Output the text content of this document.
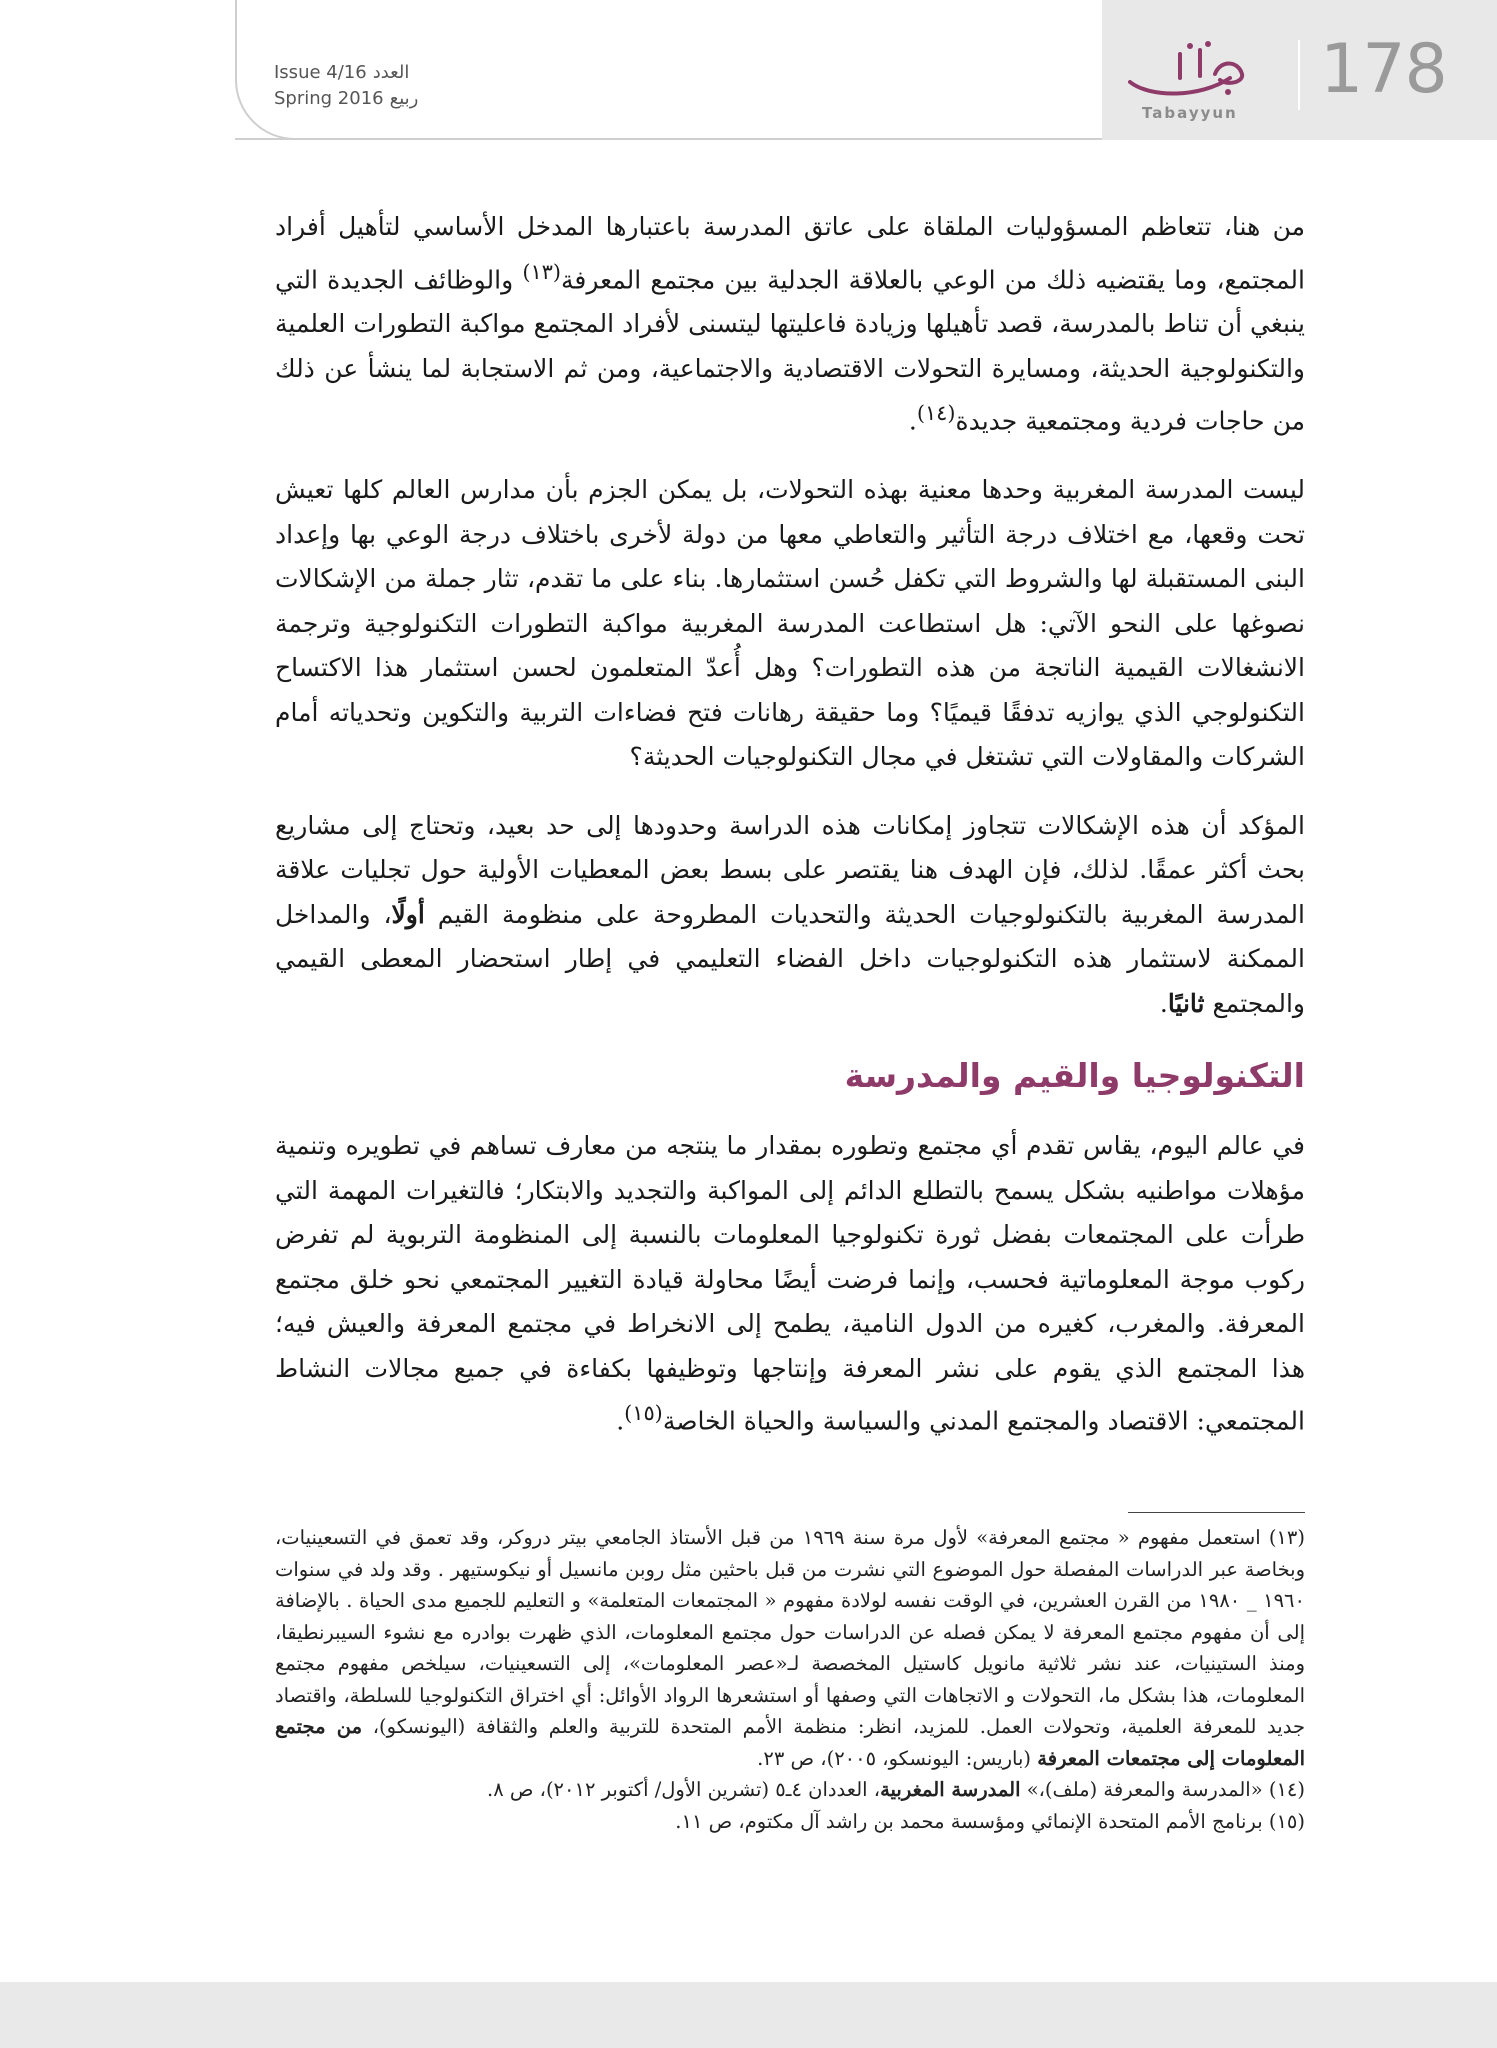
Issue 4/16 العدد
Spring 2016 ربيع
Tabayyun
178

من هنا، تتعاظم المسؤوليات الملقاة على عاتق المدرسة باعتبارها المدخل الأساسي لتأهيل أفراد المجتمع، وما يقتضيه ذلك من الوعي بالعلاقة الجدلية بين مجتمع المعرفة$^{(١٣)}$ والوظائف الجديدة التي ينبغي أن تناط بالمدرسة، قصد تأهيلها وزيادة فاعليتها ليتسنى لأفراد المجتمع مواكبة التطورات العلمية والتكنولوجية الحديثة، ومسايرة التحولات الاقتصادية والاجتماعية، ومن ثم الاستجابة لما ينشأ عن ذلك من حاجات فردية ومجتمعية جديدة$^{(١٤)}$.

ليست المدرسة المغربية وحدها معنية بهذه التحولات، بل يمكن الجزم بأن مدارس العالم كلها تعيش تحت وقعها، مع اختلاف درجة التأثير والتعاطي معها من دولة لأخرى باختلاف درجة الوعي بها وإعداد البنى المستقبلة لها والشروط التي تكفل حُسن استثمارها. بناء على ما تقدم، تثار جملة من الإشكالات نصوغها على النحو الآتي: هل استطاعت المدرسة المغربية مواكبة التطورات التكنولوجية وترجمة الانشغالات القيمية الناتجة من هذه التطورات؟ وهل أُعدّ المتعلمون لحسن استثمار هذا الاكتساح التكنولوجي الذي يوازيه تدفقًا قيميًا؟ وما حقيقة رهانات فتح فضاءات التربية والتكوين وتحدياته أمام الشركات والمقاولات التي تشتغل في مجال التكنولوجيات الحديثة؟

المؤكد أن هذه الإشكالات تتجاوز إمكانات هذه الدراسة وحدودها إلى حد بعيد، وتحتاج إلى مشاريع بحث أكثر عمقًا. لذلك، فإن الهدف هنا يقتصر على بسط بعض المعطيات الأولية حول تجليات علاقة المدرسة المغربية بالتكنولوجيات الحديثة والتحديات المطروحة على منظومة القيم أولًا، والمداخل الممكنة لاستثمار هذه التكنولوجيات داخل الفضاء التعليمي في إطار استحضار المعطى القيمي والمجتمع ثانيًا.

التكنولوجيا والقيم والمدرسة

في عالم اليوم، يقاس تقدم أي مجتمع وتطوره بمقدار ما ينتجه من معارف تساهم في تطويره وتنمية مؤهلات مواطنيه بشكل يسمح بالتطلع الدائم إلى المواكبة والتجديد والابتكار؛ فالتغيرات المهمة التي طرأت على المجتمعات بفضل ثورة تكنولوجيا المعلومات بالنسبة إلى المنظومة التربوية لم تفرض ركوب موجة المعلوماتية فحسب، وإنما فرضت أيضًا محاولة قيادة التغيير المجتمعي نحو خلق مجتمع المعرفة. والمغرب، كغيره من الدول النامية، يطمح إلى الانخراط في مجتمع المعرفة والعيش فيه؛ هذا المجتمع الذي يقوم على نشر المعرفة وإنتاجها وتوظيفها بكفاءة في جميع مجالات النشاط المجتمعي: الاقتصاد والمجتمع المدني والسياسة والحياة الخاصة$^{(١٥)}$.

(١٣) استعمل مفهوم « مجتمع المعرفة» لأول مرة سنة ١٩٦٩ من قبل الأستاذ الجامعي بيتر دروكر، وقد تعمق في التسعينيات، وبخاصة عبر الدراسات المفصلة حول الموضوع التي نشرت من قبل باحثين مثل روبن مانسيل أو نيكوستيهر . وقد ولد في سنوات ١٩٦٠ _ ١٩٨٠ من القرن العشرين، في الوقت نفسه لولادة مفهوم « المجتمعات المتعلمة» و التعليم للجميع مدى الحياة . بالإضافة إلى أن مفهوم مجتمع المعرفة لا يمكن فصله عن الدراسات حول مجتمع المعلومات، الذي ظهرت بوادره مع نشوء السيبرنطيقا، ومنذ الستينيات، عند نشر ثلاثية مانويل كاستيل المخصصة لـ«عصر المعلومات»، إلى التسعينيات، سيلخص مفهوم مجتمع المعلومات، هذا بشكل ما، التحولات و الاتجاهات التي وصفها أو استشعرها الرواد الأوائل: أي اختراق التكنولوجيا للسلطة، واقتصاد جديد للمعرفة العلمية، وتحولات العمل. للمزيد، انظر: منظمة الأمم المتحدة للتربية والعلم والثقافة (اليونسكو)، من مجتمع المعلومات إلى مجتمعات المعرفة (باريس: اليونسكو، ٢٠٠٥)، ص ٢٣.

(١٤) «المدرسة والمعرفة (ملف)،» المدرسة المغربية، العددان ٤ـ٥ (تشرين الأول/ أكتوبر ٢٠١٢)، ص ٨.

(١٥) برنامج الأمم المتحدة الإنمائي ومؤسسة محمد بن راشد آل مكتوم، ص ١١.
